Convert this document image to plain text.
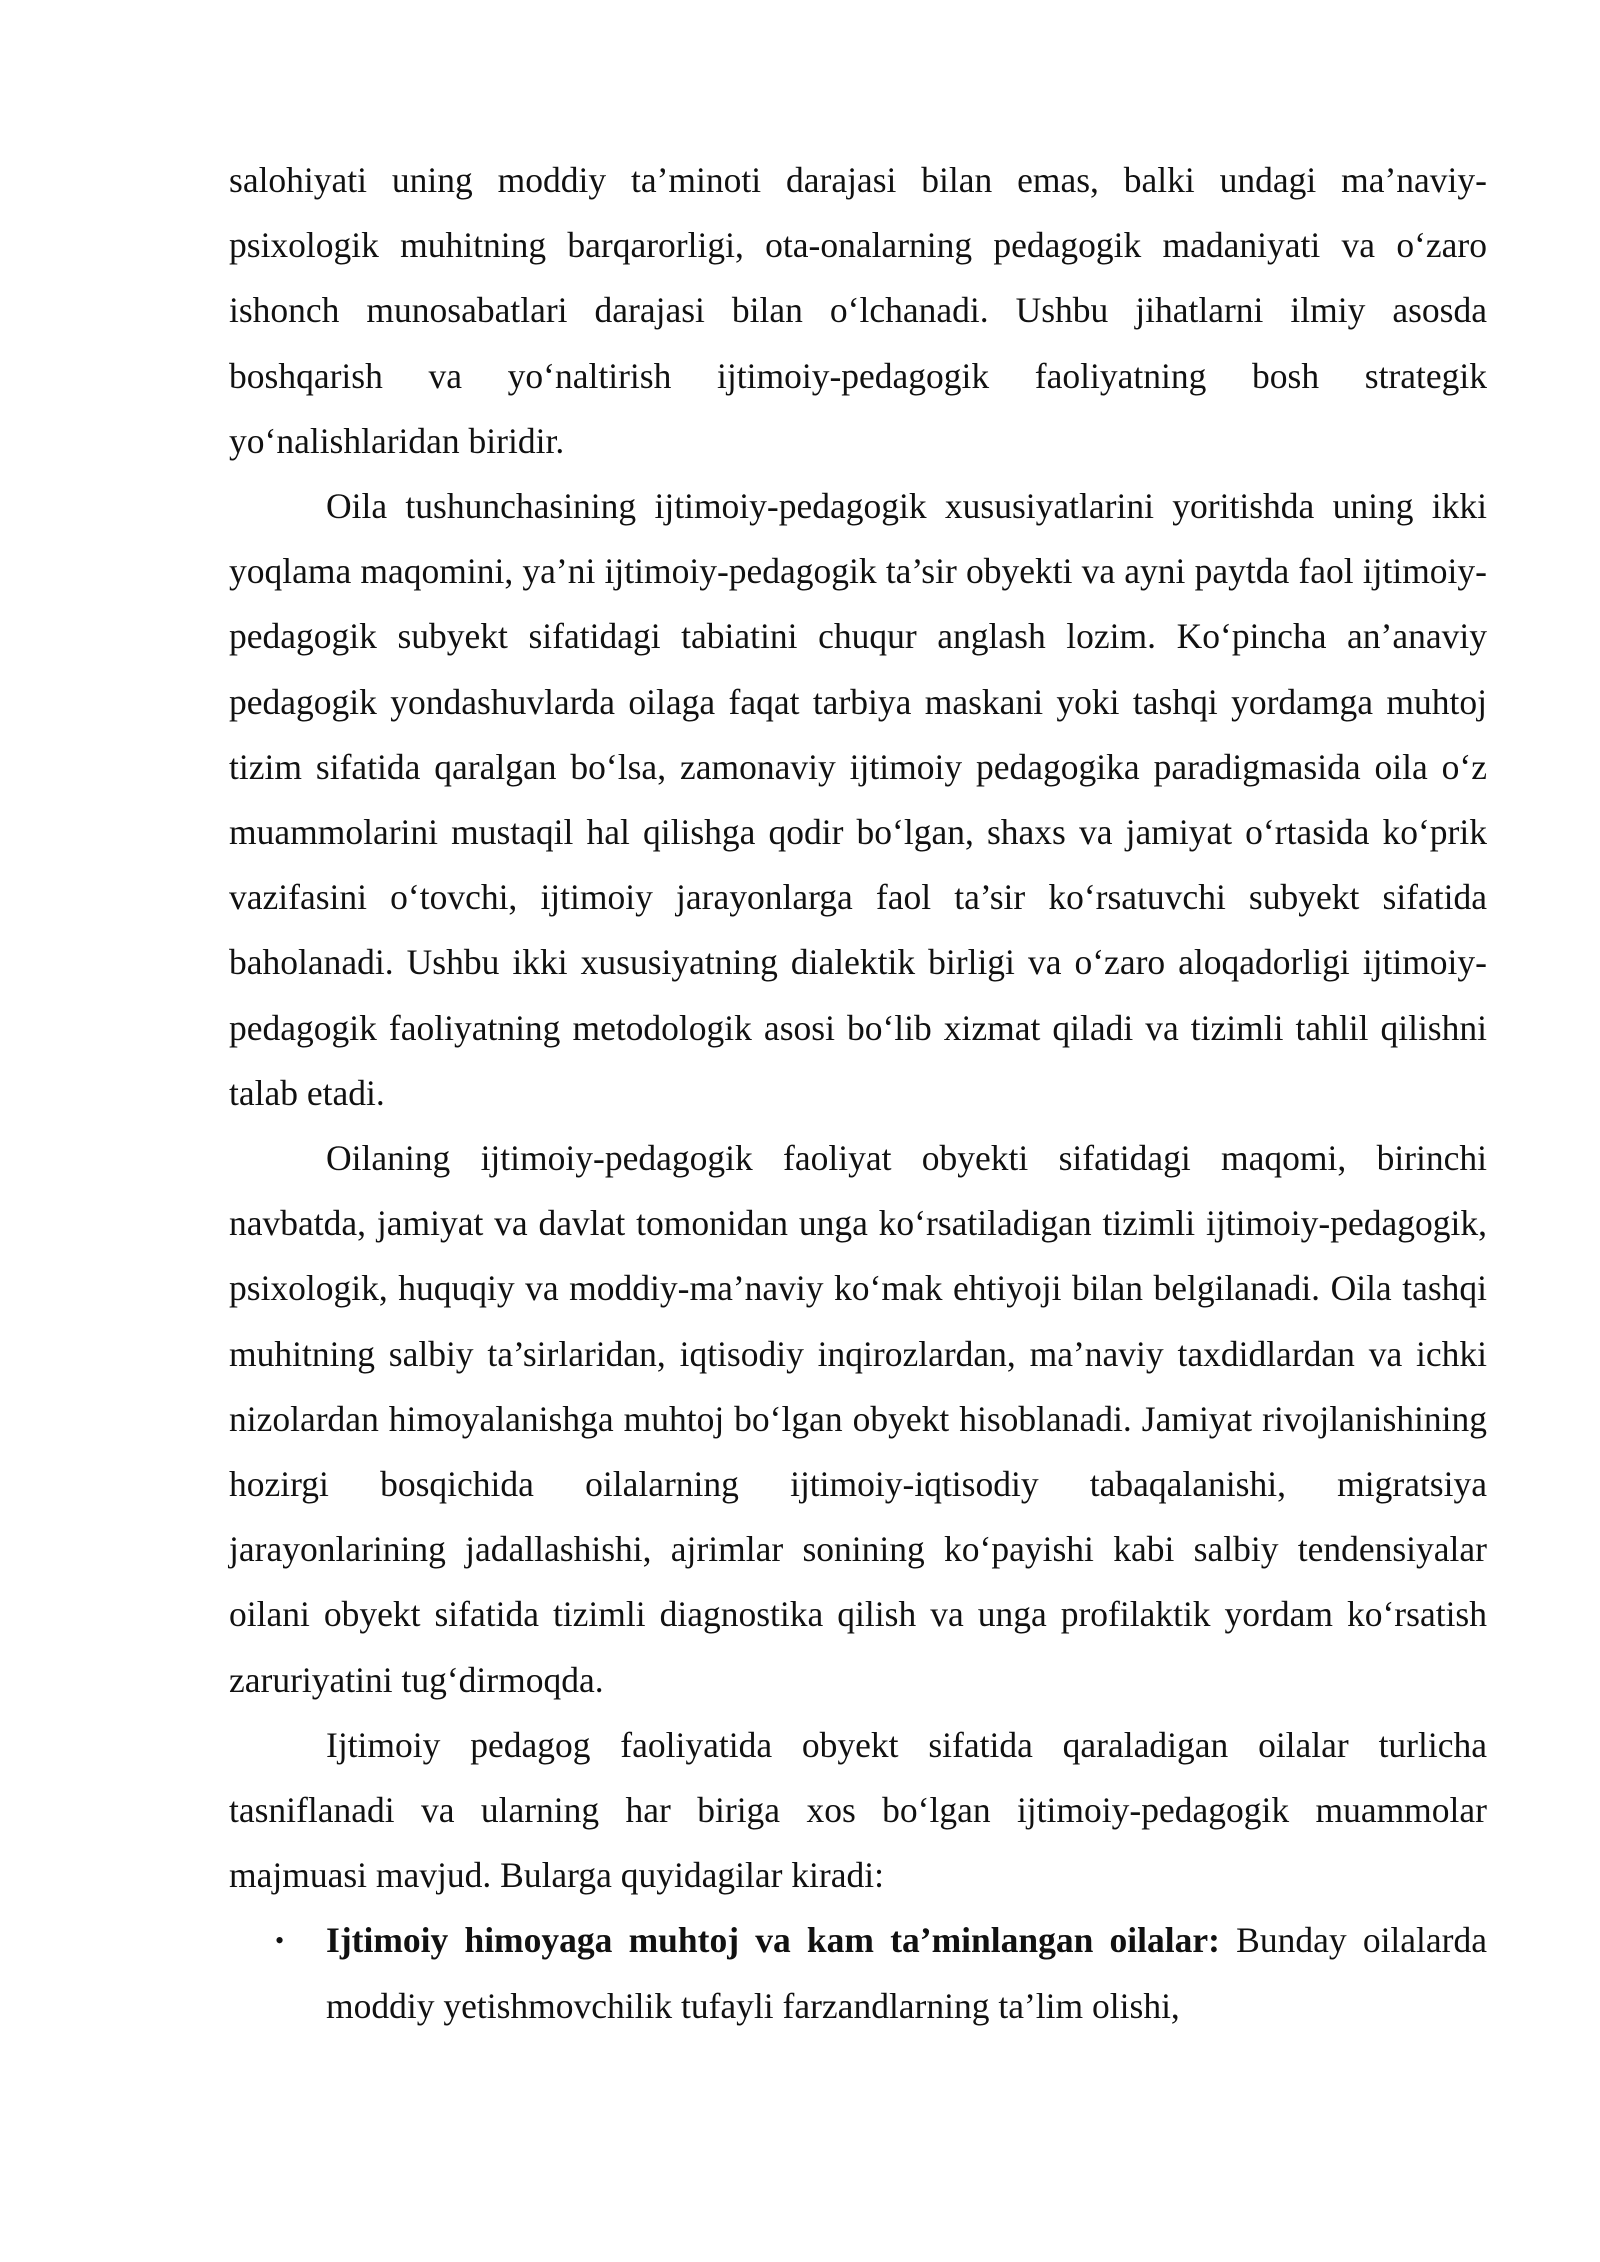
salohiyati uning moddiy ta’minoti darajasi bilan emas, balki undagi ma’naviy-psixologik muhitning barqarorligi, ota-onalarning pedagogik madaniyati va o‘zaro ishonch munosabatlari darajasi bilan o‘lchanadi. Ushbu jihatlarni ilmiy asosda boshqarish va yo‘naltirish ijtimoiy-pedagogik faoliyatning bosh strategik yo‘nalishlaridan biridir.

Oila tushunchasining ijtimoiy-pedagogik xususiyatlarini yoritishda uning ikki yoqlama maqomini, ya’ni ijtimoiy-pedagogik ta’sir obyekti va ayni paytda faol ijtimoiy-pedagogik subyekt sifatidagi tabiatini chuqur anglash lozim. Ko‘pincha an’anaviy pedagogik yondashuvlarda oilaga faqat tarbiya maskani yoki tashqi yordamga muhtoj tizim sifatida qaralgan bo‘lsa, zamonaviy ijtimoiy pedagogika paradigmasida oila o‘z muammolarini mustaqil hal qilishga qodir bo‘lgan, shaxs va jamiyat o‘rtasida ko‘prik vazifasini o‘tovchi, ijtimoiy jarayonlarga faol ta’sir ko‘rsatuvchi subyekt sifatida baholanadi. Ushbu ikki xususiyatning dialektik birligi va o‘zaro aloqadorligi ijtimoiy-pedagogik faoliyatning metodologik asosi bo‘lib xizmat qiladi va tizimli tahlil qilishni talab etadi.

Oilaning ijtimoiy-pedagogik faoliyat obyekti sifatidagi maqomi, birinchi navbatda, jamiyat va davlat tomonidan unga ko‘rsatiladigan tizimli ijtimoiy-pedagogik, psixologik, huquqiy va moddiy-ma’naviy ko‘mak ehtiyoji bilan belgilanadi. Oila tashqi muhitning salbiy ta’sirlaridan, iqtisodiy inqirozlardan, ma’naviy taxdidlardan va ichki nizolardan himoyalanishga muhtoj bo‘lgan obyekt hisoblanadi. Jamiyat rivojlanishining hozirgi bosqichida oilalarning ijtimoiy-iqtisodiy tabaqalanishi, migratsiya jarayonlarining jadallashishi, ajrimlar sonining ko‘payishi kabi salbiy tendensiyalar oilani obyekt sifatida tizimli diagnostika qilish va unga profilaktik yordam ko‘rsatish zaruriyatini tug‘dirmoqda.

Ijtimoiy pedagog faoliyatida obyekt sifatida qaraladigan oilalar turlicha tasniflanadi va ularning har biriga xos bo‘lgan ijtimoiy-pedagogik muammolar majmuasi mavjud. Bularga quyidagilar kiradi:

• Ijtimoiy himoyaga muhtoj va kam ta’minlangan oilalar: Bunday oilalarda moddiy yetishmovchilik tufayli farzandlarning ta’lim olishi,
